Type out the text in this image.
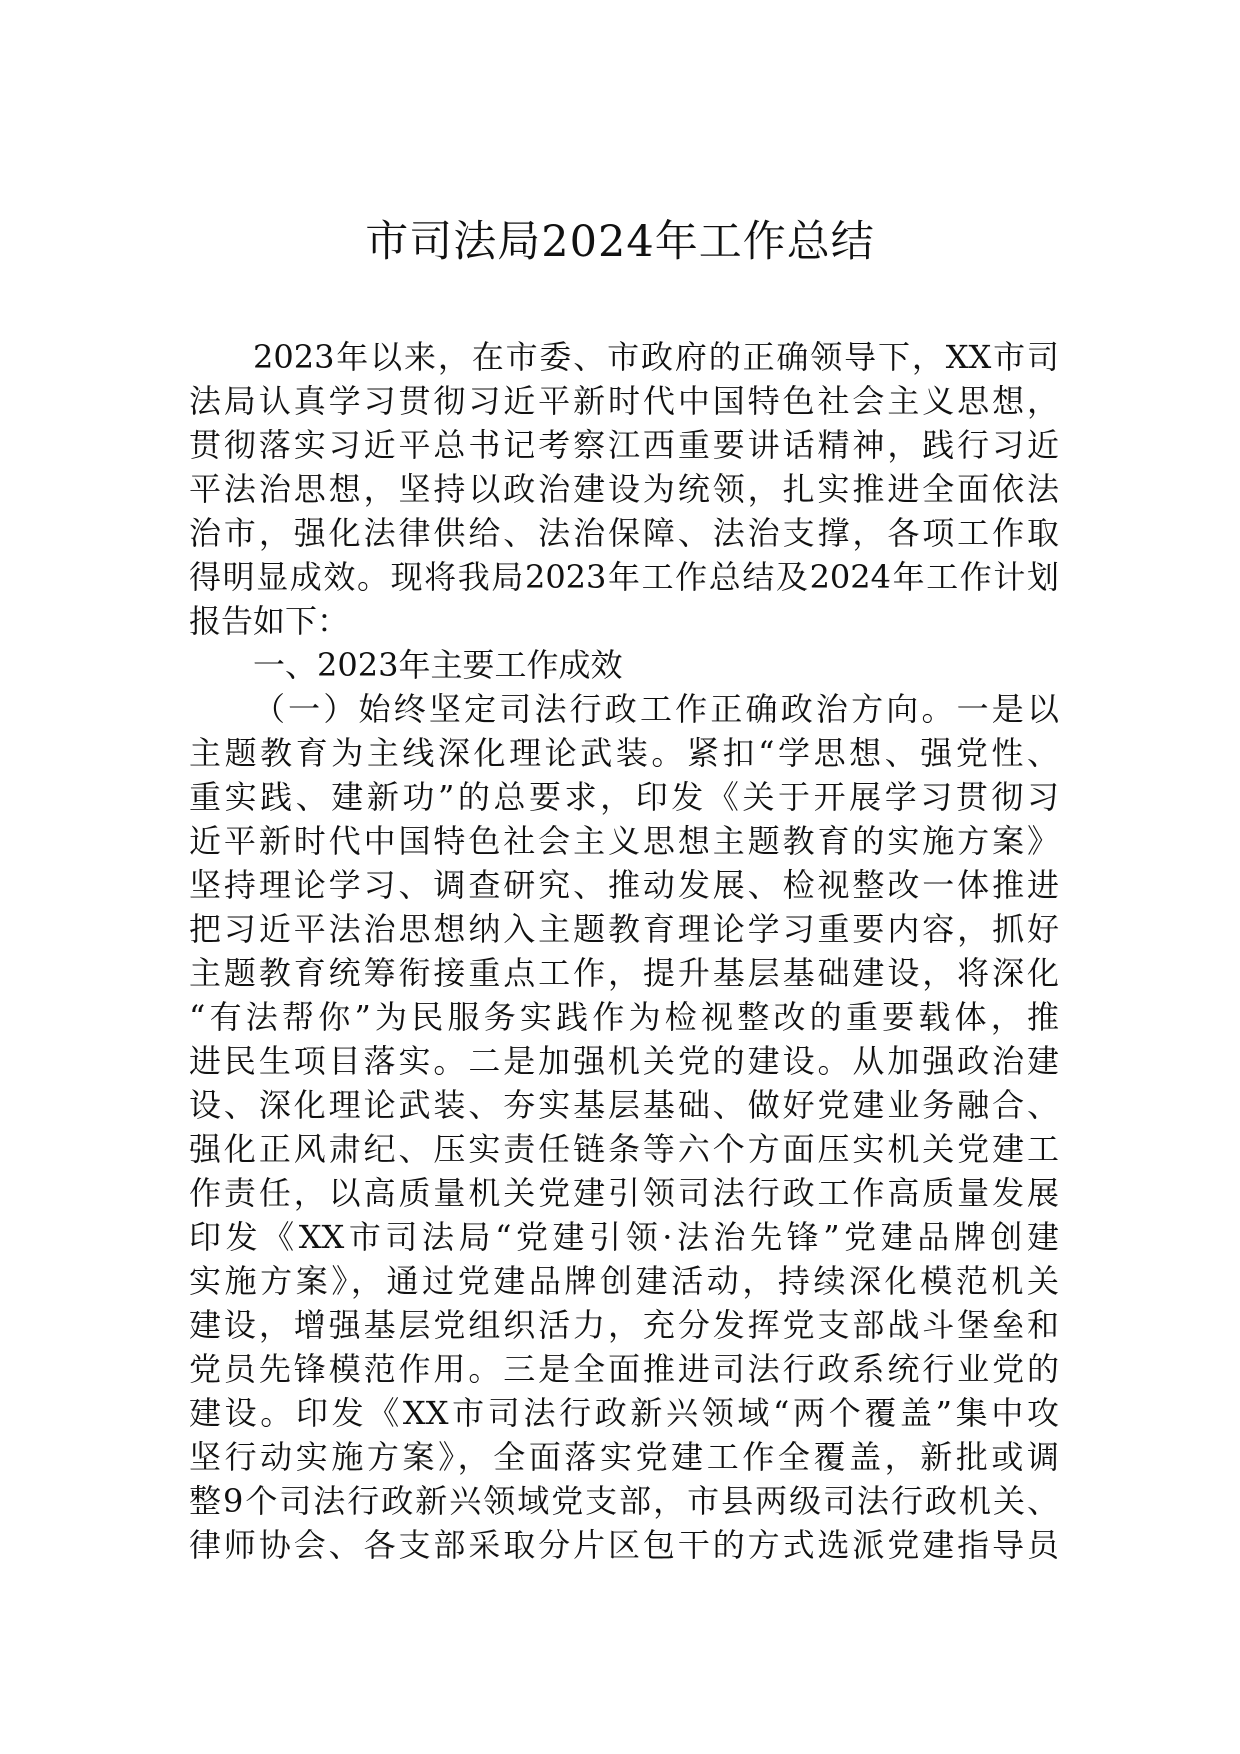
市司法局2024年工作总结
2023年以来，在市委、市政府的正确领导下，XX市司
法局认真学习贯彻习近平新时代中国特色社会主义思想，
贯彻落实习近平总书记考察江西重要讲话精神，践行习近
平法治思想，坚持以政治建设为统领，扎实推进全面依法
治市，强化法律供给、法治保障、法治支撑，各项工作取
得明显成效。现将我局2023年工作总结及2024年工作计划
报告如下：
一、2023年主要工作成效
（一）始终坚定司法行政工作正确政治方向。一是以
主题教育为主线深化理论武装。紧扣“学思想、强党性、
重实践、建新功”的总要求，印发《关于开展学习贯彻习
近平新时代中国特色社会主义思想主题教育的实施方案》
坚持理论学习、调查研究、推动发展、检视整改一体推进
把习近平法治思想纳入主题教育理论学习重要内容，抓好
主题教育统筹衔接重点工作，提升基层基础建设，将深化
“有法帮你”为民服务实践作为检视整改的重要载体，推
进民生项目落实。二是加强机关党的建设。从加强政治建
设、深化理论武装、夯实基层基础、做好党建业务融合、
强化正风肃纪、压实责任链条等六个方面压实机关党建工
作责任，以高质量机关党建引领司法行政工作高质量发展
印发《XX市司法局“党建引领·法治先锋”党建品牌创建
实施方案》，通过党建品牌创建活动，持续深化模范机关
建设，增强基层党组织活力，充分发挥党支部战斗堡垒和
党员先锋模范作用。三是全面推进司法行政系统行业党的
建设。印发《XX市司法行政新兴领域“两个覆盖”集中攻
坚行动实施方案》，全面落实党建工作全覆盖，新批或调
整9个司法行政新兴领域党支部，市县两级司法行政机关、
律师协会、各支部采取分片区包干的方式选派党建指导员
